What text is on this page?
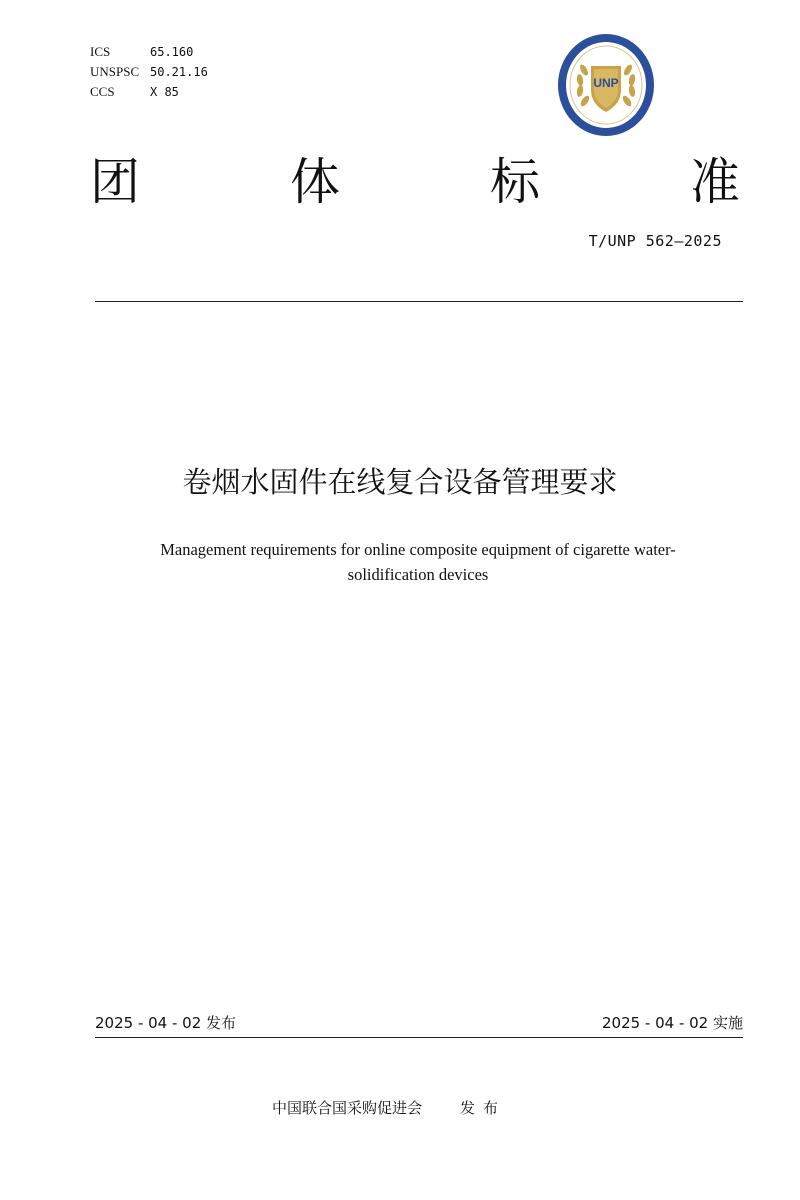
ICS	65.160
UNSPSC 50.21.16
CCS	X 85
UNP
团	体	标	准
T/UNP 562—2025
卷烟水固件在线复合设备管理要求
Management requirements for online composite equipment of cigarette water-
solidification devices
2025 - 04 - 02 发布	2025 - 04 - 02 实施
中国联合国采购促进会	发布
